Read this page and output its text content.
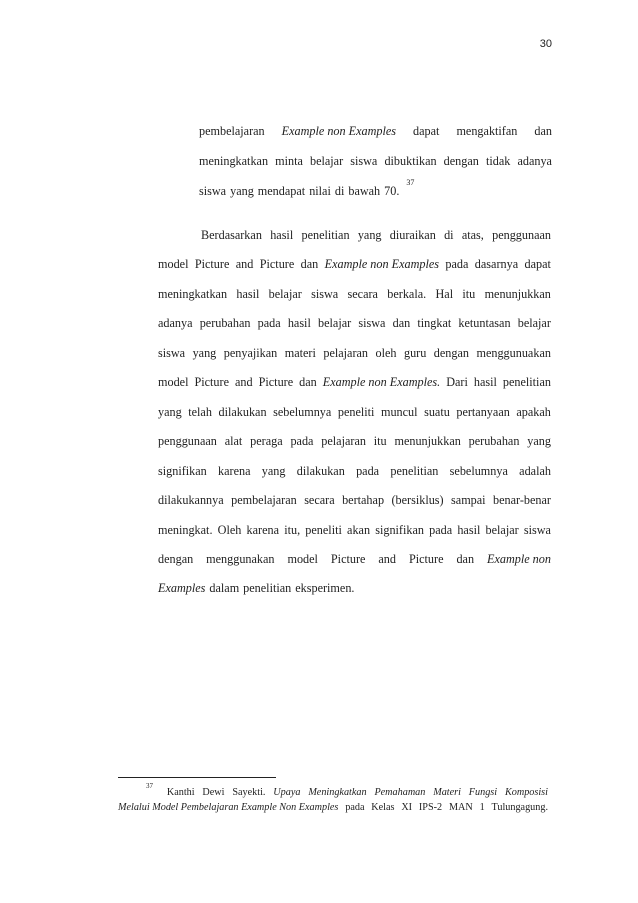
30
pembelajaran Example non Examples dapat mengaktifan dan
meningkatkan minta belajar siswa dibuktikan dengan tidak adanya
siswa yang mendapat nilai di bawah 70.
37
Berdasarkan hasil penelitian yang diuraikan di atas, penggunaan
model Picture and Picture dan Example non Examples pada dasarnya dapat
meningkatkan hasil belajar siswa secara berkala. Hal itu menunjukkan
adanya perubahan pada hasil belajar siswa dan tingkat ketuntasan belajar
siswa yang penyajikan materi pelajaran oleh guru dengan menggunuakan
model Picture and Picture dan Example non Examples. Dari hasil penelitian
yang telah dilakukan sebelumnya peneliti muncul suatu pertanyaan apakah
penggunaan alat peraga pada pelajaran itu menunjukkan perubahan yang
signifikan karena yang dilakukan pada penelitian sebelumnya adalah
dilakukannya pembelajaran secara bertahap (bersiklus) sampai benar-benar
meningkat. Oleh karena itu, peneliti akan signifikan pada hasil belajar siswa
dengan menggunakan model Picture and Picture dan Example non
Examples dalam penelitian eksperimen.
37
Kanthi Dewi Sayekti. Upaya Meningkatkan Pemahaman Materi Fungsi Komposisi
Melalui Model Pembelajaran Example Non Examples pada Kelas XI IPS-2 MAN 1 Tulungagung.
